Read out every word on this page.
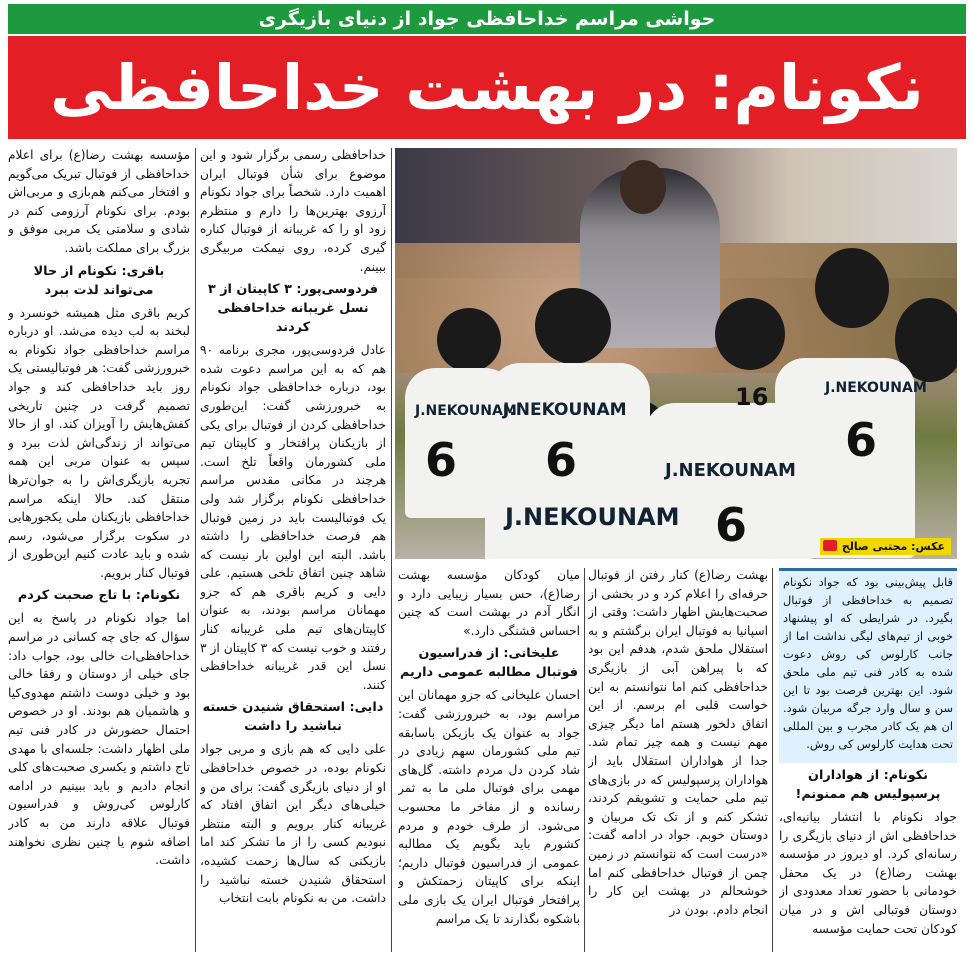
حواشی مراسم خداحافظی جواد از دنیای بازیگری
نکونام: در بهشت خداحافظی
J.NEKOUNAM
J.NEKOUNAM
J.NEKOUNAM
J.NEKOUNAM
J.NEKOUNAM
6 6
6
6
16
عکس: مجتبی صالح

قابل پیش‌بینی بود که جواد نکونام تصمیم به خداحافظی از فوتبال بگیرد. در شرایطی که او پیشنهاد خوبی از تیم‌های لیگی نداشت اما از جانب کارلوس کی روش دعوت شده به کادر فنی تیم ملی ملحق شود. این بهترین فرصت بود تا این سن و سال وارد جرگه مربیان شود. ان هم یک کادر مجرب و بین المللی تحت هدایت کارلوس کی روش.

نکونام: از هواداران پرسپولیس هم ممنونم!

جواد نکونام با انتشار بیانیه‌ای، خداحافظی اش از دنیای بازیگری را رسانه‌ای کرد. او دیروز در مؤسسه بهشت رضا(ع) در یک محفل خودمانی با حضور تعداد معدودی از دوستان فوتبالی اش و در میان کودکان تحت حمایت مؤسسه

بهشت رضا(ع) کنار رفتن از فوتبال حرفه‌ای را اعلام کرد و در بخشی از صحبت‌هایش اظهار داشت: وقتی از اسپانیا به فوتبال ایران برگشتم و به استقلال ملحق شدم، هدفم این بود که با پیراهن آبی از بازیگری خداحافظی کنم اما نتوانستم به این خواست قلبی ام برسم. از این اتفاق دلخور هستم اما دیگر چیزی مهم نیست و همه چیز تمام شد. جدا از هواداران استقلال باید از هواداران پرسپولیس که در بازی‌های تیم ملی حمایت و تشویقم کردند، تشکر کنم و از تک تک مربیان و دوستان خوبم. جواد در ادامه گفت: «درست است که نتوانستم در زمین چمن از فوتبال خداحافظی کنم اما خوشحالم در بهشت این کار را انجام دادم. بودن در

میان کودکان مؤسسه بهشت رضا(ع)، حس بسیار زیبایی دارد و انگار آدم در بهشت است که چنین احساس قشنگی دارد.»

علیخانی: از فدراسیون فوتبال مطالبه عمومی داریم

احسان علیخانی که جزو مهمانان این مراسم بود، به خبرورزشی گفت: جواد به عنوان یک بازیکن باسابقه تیم ملی کشورمان سهم زیادی در شاد کردن دل مردم داشته. گل‌های مهمی برای فوتبال ملی ما به ثمر رسانده و از مفاخر ما محسوب می‌شود. از طرف خودم و مردم کشورم باید بگویم یک مطالبه عمومی از فدراسیون فوتبال داریم؛ اینکه برای کاپیتان زحمتکش و پرافتخار فوتبال ایران یک بازی ملی باشکوه بگذارند تا یک مراسم

خداحافظی رسمی برگزار شود و این موضوع برای شأن فوتبال ایران اهمیت دارد. شخصاً برای جواد نکونام آرزوی بهترین‌ها را دارم و منتظرم زود او را که غریبانه از فوتبال کناره گیری کرده، روی نیمکت مربیگری ببینم.

فردوسی‌پور: ۳ کاپیتان از ۳ نسل غریبانه خداحافظی کردند

عادل فردوسی‌پور، مجری برنامه ۹۰ هم که به این مراسم دعوت شده بود، درباره خداحافظی جواد نکونام به خبرورزشی گفت: این‌طوری خداحافظی کردن از فوتبال برای یکی از بازیکنان پرافتخار و کاپیتان تیم ملی کشورمان واقعاً تلخ است. هرچند در مکانی مقدس مراسم خداحافظی نکونام برگزار شد ولی یک فوتبالیست باید در زمین فوتبال هم فرصت خداحافظی را داشته باشد. البته این اولین بار نیست که شاهد چنین اتفاق تلخی هستیم. علی دایی و کریم باقری هم که جزو مهمانان مراسم بودند، به عنوان کاپیتان‌های تیم ملی غریبانه کنار رفتند و خوب نیست که ۳ کاپیتان از ۳ نسل این قدر غریبانه خداحافظی کنند.

دایی: استحقاق شنیدن خسته نباشید را داشت

علی دایی که هم بازی و مربی جواد نکونام بوده، در خصوص خداحافظی او از دنیای بازیگری گفت: برای من و خیلی‌های دیگر این اتفاق افتاد که غریبانه کنار برویم و البته منتظر نبودیم کسی را از ما تشکر کند اما بازیکنی که سال‌ها زحمت کشیده، استحقاق شنیدن خسته نباشید را داشت. من به نکونام بابت انتخاب

مؤسسه بهشت رضا(ع) برای اعلام خداحافظی از فوتبال تبریک می‌گویم و افتخار می‌کنم هم‌بازی و مربی‌اش بودم. برای نکونام آرزومی کنم در شادی و سلامتی یک مربی موفق و بزرگ برای مملکت باشد.

باقری: نکونام از حالا می‌تواند لذت ببرد

کریم باقری مثل همیشه خونسرد و لبخند به لب دیده می‌شد. او درباره مراسم خداحافظی جواد نکونام به خبرورزشی گفت: هر فوتبالیستی یک روز باید خداحافظی کند و جواد تصمیم گرفت در چنین تاریخی کفش‌هایش را آویزان کند. او از حالا می‌تواند از زندگی‌اش لذت ببرد و سپس به عنوان مربی این همه تجربه بازیگری‌اش را به جوان‌ترها منتقل کند. حالا اینکه مراسم خداحافظی بازیکنان ملی یکجورهایی در سکوت برگزار می‌شود، رسم شده و باید عادت کنیم این‌طوری از فوتبال کنار برویم.

نکونام: با تاج صحبت کردم

اما جواد نکونام در پاسخ به این سؤال که جای چه کسانی در مراسم خداحافظی‌ات خالی بود، جواب داد: جای خیلی از دوستان و رفقا خالی بود و خیلی دوست داشتم مهدوی‌کیا و هاشمیان هم بودند. او در خصوص احتمال حضورش در کادر فنی تیم ملی اظهار داشت: جلسه‌ای با مهدی تاج داشتم و یکسری صحبت‌های کلی انجام دادیم و باید ببینیم در ادامه کارلوس کی‌روش و فدراسیون فوتبال علاقه دارند من به کادر اضافه شوم یا چنین نظری نخواهند داشت.
